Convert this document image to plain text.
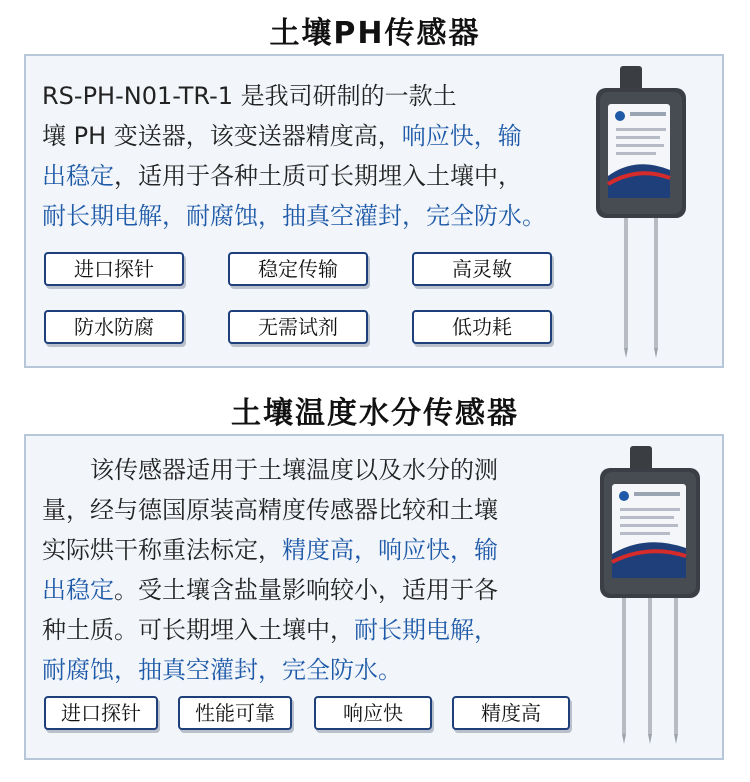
土壤PH传感器
RS-PH-N01-TR-1 是我司研制的一款土
壤 PH 变送器，该变送器精度高，响应快，输
出稳定，适用于各种土质可长期埋入土壤中，
耐长期电解，耐腐蚀，抽真空灌封，完全防水。
进口探针	稳定传输	高灵敏
防水防腐	无需试剂	低功耗
土壤温度水分传感器
　　该传感器适用于土壤温度以及水分的测
量，经与德国原装高精度传感器比较和土壤
实际烘干称重法标定，精度高，响应快，输
出稳定。受土壤含盐量影响较小，适用于各
种土质。可长期埋入土壤中，耐长期电解，
耐腐蚀，抽真空灌封，完全防水。
进口探针	性能可靠	响应快	精度高
